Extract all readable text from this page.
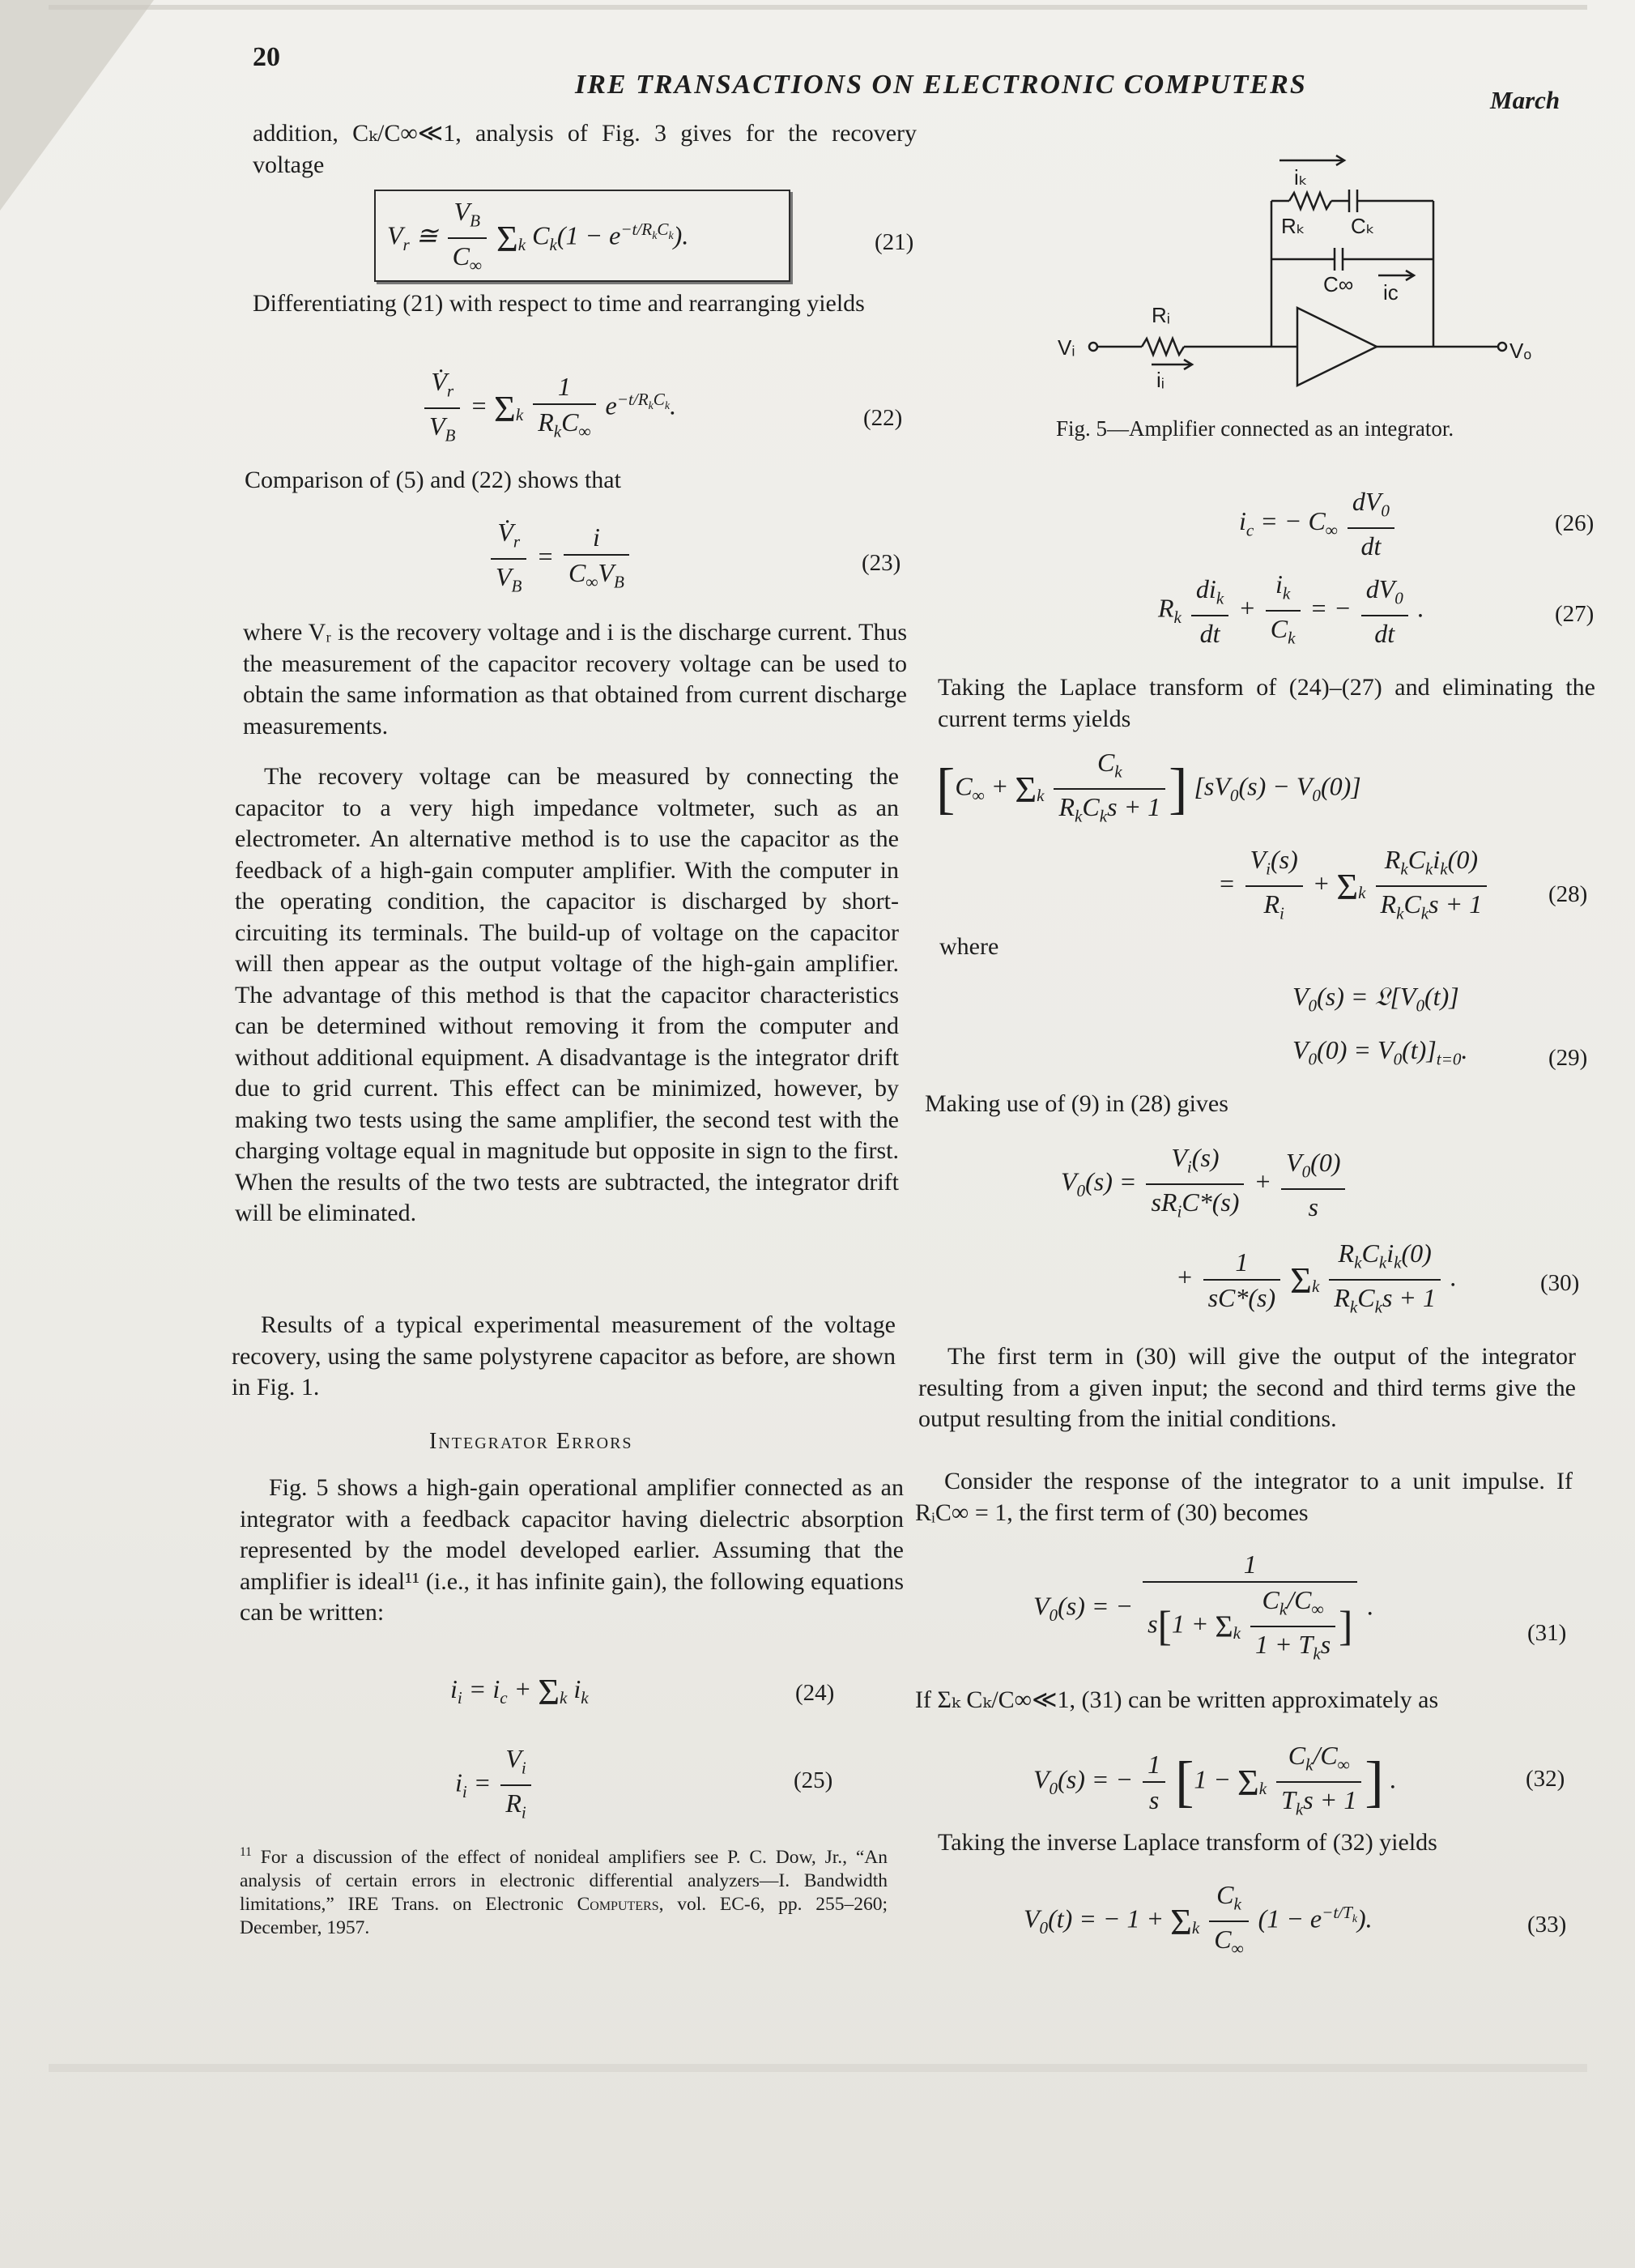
20
IRE TRANSACTIONS ON ELECTRONIC COMPUTERS
March

addition, Cₖ/C∞≪1, analysis of Fig. 3 gives for the recovery voltage

$V_r$ ≅ $\frac{V_B}{C_\infty} \Sigma_k$ $C_k(1 - e^{-t/R_kC_k})$.	(21)

Differentiating (21) with respect to time and rearranging yields

$\frac{V̇_r}{V_B} = \Sigma_k \frac{1}{R_kC_\infty} e^{-t/R_kC_k}$.	(22)

Comparison of (5) and (22) shows that

$\frac{V̇_r}{V_B} = \frac{i}{C_\infty V_B}$	(23)

where Vᵣ is the recovery voltage and i is the discharge current. Thus the measurement of the capacitor recovery voltage can be used to obtain the same information as that obtained from current discharge measurements.

The recovery voltage can be measured by connecting the capacitor to a very high impedance voltmeter, such as an electrometer. An alternative method is to use the capacitor as the feedback of a high-gain computer amplifier. With the computer in the operating condition, the capacitor is discharged by short-circuiting its terminals. The build-up of voltage on the capacitor will then appear as the output voltage of the high-gain amplifier. The advantage of this method is that the capacitor characteristics can be determined without removing it from the computer and without additional equipment. A disadvantage is the integrator drift due to grid current. This effect can be minimized, however, by making two tests using the same amplifier, the second test with the charging voltage equal in magnitude but opposite in sign to the first. When the results of the two tests are subtracted, the integrator drift will be eliminated.

Results of a typical experimental measurement of the voltage recovery, using the same polystyrene capacitor as before, are shown in Fig. 1.

Integrator Errors

Fig. 5 shows a high-gain operational amplifier connected as an integrator with a feedback capacitor having dielectric absorption represented by the model developed earlier. Assuming that the amplifier is ideal¹¹ (i.e., it has infinite gain), the following equations can be written:

$i_i = i_c + \Sigma_k$ $i_k$	(24)
$i_i = \frac{V_i}{R_i}$	(25)
$^{11}$ For a discussion of the effect of nonideal amplifiers see P. C. Dow, Jr., “An analysis of certain errors in electronic differential analyzers—I. Bandwidth limitations,” IRE Trans. on Electronic Computers, vol. EC-6, pp. 255–260; December, 1957.
iₖ
Rₖ Cₖ
C∞ iᴄ
Rᵢ
Vᵢ
iᵢ
Vₒ
Fig. 5—Amplifier connected as an integrator.
$i_c$ = − $C_\infty \frac{dV_0}{dt}$	(26)
$R_k \frac{di_k}{dt} + \frac{i_k}{C_k}$ = − $\frac{dV_0}{dt}$ .	(27)

Taking the Laplace transform of (24)–(27) and eliminating the current terms yields

[$C_\infty + \Sigma_k \frac{C_k}{R_kC_ks + 1}$ ] $[sV_0(s) - V_0(0)]$
= $\frac{V_i(s)}{R_i} + \Sigma_k \frac{R_kC_ki_k(0)}{R_kC_ks + 1}$	(28)

where

$V_0(s)$ = $𝔏[V_0(t)]$
$V_0(0) = V_0(t)]_{t=0}$.	(29)

Making use of (9) in (28) gives

$V_0(s) = \frac{V_i(s)}{sR_iC*(s)} + \frac{V_0(0)}{s}$
+ $\frac{1}{sC*(s)} \Sigma_k \frac{R_kC_ki_k(0)}{R_kC_ks + 1}$ .	(30)

The first term in (30) will give the output of the integrator resulting from a given input; the second and third terms give the output resulting from the initial conditions.

Consider the response of the integrator to a unit impulse. If RᵢC∞ = 1, the first term of (30) becomes

$V_0(s)$ = − $\frac{1}{s[1 + \Sigma_k \frac{C_k/C_\infty}{1 + T_ks} ]}$ .
(31)

If Σₖ Cₖ/C∞≪1, (31) can be written approximately as

$V_0(s)$ = − $\frac{1}{s} [1 - \Sigma_k \frac{C_k/C_\infty}{T_ks + 1}$ ] .	(32)

Taking the inverse Laplace transform of (32) yields

$V_0(t)$ = − $1 + \Sigma_k \frac{C_k}{C_\infty} (1 - e^{-t/T_k})$.	(33)
